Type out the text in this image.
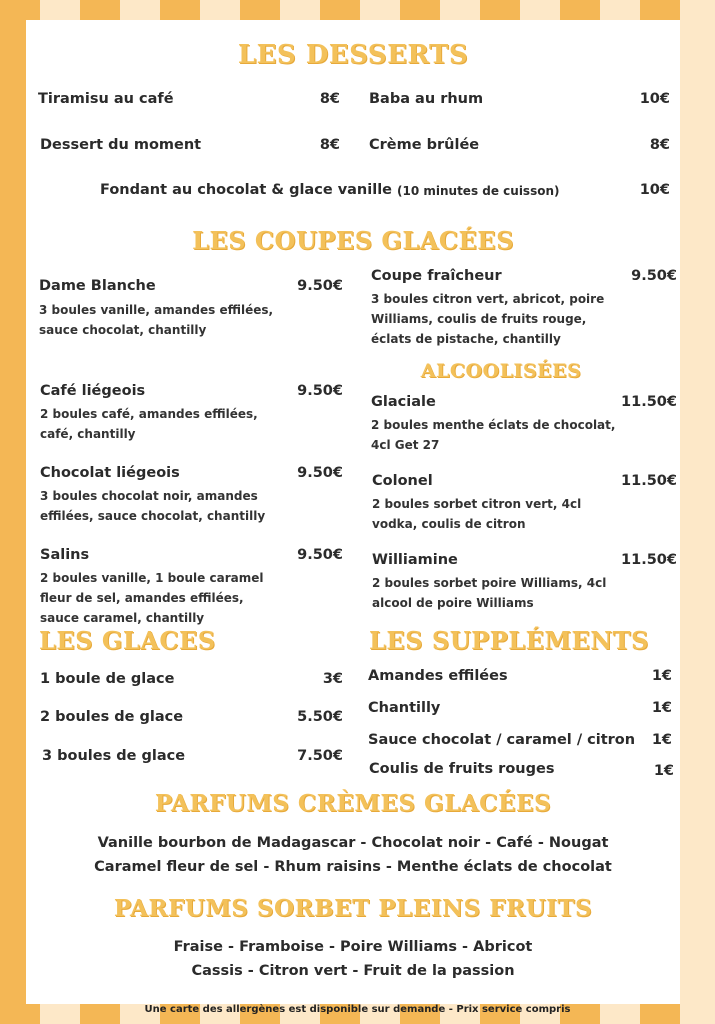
LES DESSERTS
Tiramisu au café	8€ Baba au rhum	10€
Dessert du moment	8€ Crème brûlée	8€
Fondant au chocolat & glace vanille (10 minutes de cuisson)	10€
LES COUPES GLACÉES
Dame Blanche	9.50€
3 boules vanille, amandes effilées, sauce chocolat, chantilly
Café liégeois	9.50€
2 boules café, amandes effilées, café, chantilly
Chocolat liégeois	9.50€
3 boules chocolat noir, amandes effilées, sauce chocolat, chantilly
Salins	9.50€
2 boules vanille, 1 boule caramel fleur de sel, amandes effilées, sauce caramel, chantilly
Coupe fraîcheur	9.50€
3 boules citron vert, abricot, poire Williams, coulis de fruits rouge, éclats de pistache, chantilly
ALCOOLISÉES
Glaciale	11.50€
2 boules menthe éclats de chocolat, 4cl Get 27
Colonel	11.50€
2 boules sorbet citron vert, 4cl vodka, coulis de citron
Williamine	11.50€
2 boules sorbet poire Williams, 4cl alcool de poire Williams
LES GLACES
1 boule de glace	3€
2 boules de glace	5.50€
3 boules de glace	7.50€
LES SUPPLÉMENTS
Amandes effilées	1€
Chantilly	1€
Sauce chocolat / caramel / citron 1€
Coulis de fruits rouges	1€
PARFUMS CRÈMES GLACÉES
Vanille bourbon de Madagascar - Chocolat noir - Café - Nougat
Caramel fleur de sel - Rhum raisins - Menthe éclats de chocolat
PARFUMS SORBET PLEINS FRUITS
Fraise - Framboise - Poire Williams - Abricot
Cassis - Citron vert - Fruit de la passion
Une carte des allergènes est disponible sur demande - Prix service compris
